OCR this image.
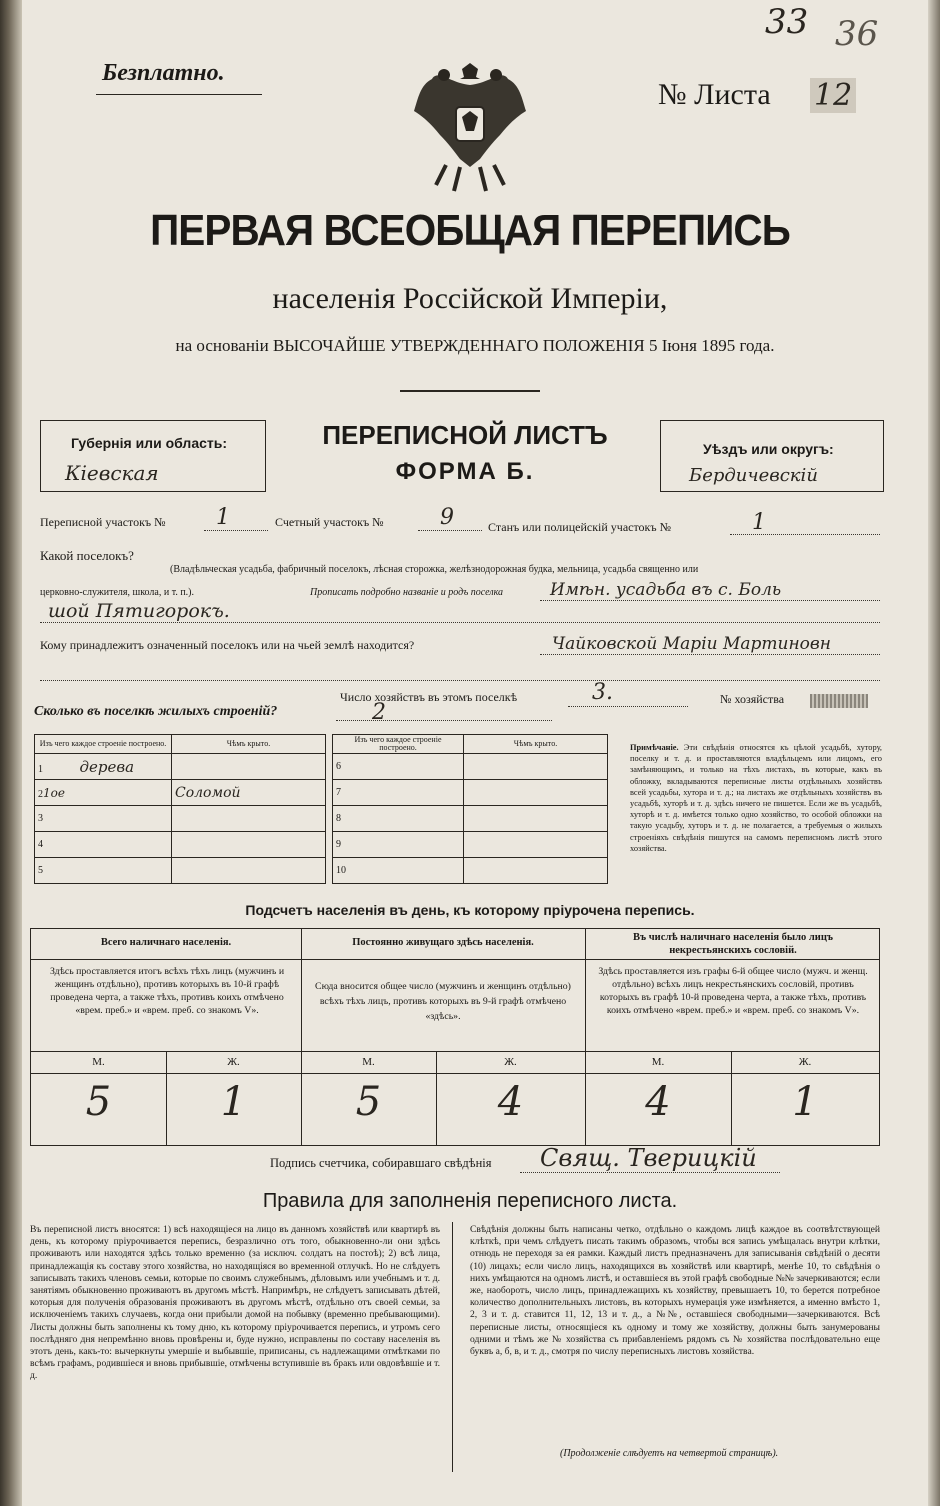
33 36
Безплатно.
№ Листа 12
ПЕРВАЯ ВСЕОБЩАЯ ПЕРЕПИСЬ
населенія Россійской Имперіи,
на основаніи ВЫСОЧАЙШЕ УТВЕРЖДЕННАГО ПОЛОЖЕНІЯ 5 Іюня 1895 года.
Губернія или область:
Кіевская
ПЕРЕПИСНОЙ ЛИСТЪ
ФОРМА Б.
Уѣздъ или округъ:
Бердичевскiй
Переписной участокъ № 1	Счетный участокъ №	9	Станъ или полицейскій участокъ №	1
Какой поселокъ?
(Владѣльческая усадьба, фабричный поселокъ, лѣсная сторожка, желѣзнодорожная будка, мельница, усадьба священно или
церковно-служителя, школа, и т. п.).	Прописать подробно названіе и родъ поселка	Имѣн. усадьба въ с. Боль
шой Пятигорокъ.
Кому принадлежитъ означенный поселокъ или на чьей землѣ находится?	Чайковской Маріи Мартиновн
Число хозяйствъ въ этомъ поселкѣ	3.	№ хозяйства
Сколько въ поселкѣ жилыхъ строеній?	2
Изъ чего каждое строеніе построено.	Чѣмъ крыто.
1 дерева	
21ое	Соломой
3	
4	
5	
Изъ чего каждое строеніе построено.	Чѣмъ крыто.
6	
7	
8	
9	
10	
Примѣчаніе. Эти свѣдѣнія относятся къ цѣлой усадьбѣ, хутору, поселку и т. д. и проставляются владѣльцемъ или лицомъ, его замѣняющимъ, и только на тѣхъ листахъ, въ которые, какъ въ обложку, вкладываются переписные листы отдѣльныхъ хозяйствъ всей усадьбы, хутора и т. д.; на листахъ же отдѣльныхъ хозяйствъ въ усадьбѣ, хуторѣ и т. д. здѣсь ничего не пишется. Если же въ усадьбѣ, хуторѣ и т. д. имѣется только одно хозяйство, то особой обложки на такую усадьбу, хуторъ и т. д. не полагается, а требуемыя о жилыхъ строеніяхъ свѣдѣнія пишутся на самомъ переписномъ листѣ этого хозяйства.
Подсчетъ населенія въ день, къ которому пріурочена перепись.
Всего наличнаго населенія.	Постоянно живущаго здѣсь населенія.	Въ числѣ наличнаго населенія было лицъ некрестьянскихъ сословій.
Здѣсь проставляется итогъ всѣхъ тѣхъ лицъ (мужчинъ и женщинъ отдѣльно), противъ которыхъ въ 10-й графѣ проведена черта, а также тѣхъ, противъ коихъ отмѣчено «врем. преб.» и «врем. преб. со знакомъ V».
Сюда вносится общее число (мужчинъ и женщинъ отдѣльно) всѣхъ тѣхъ лицъ, противъ которыхъ въ 9-й графѣ отмѣчено «здѣсь».
Здѣсь проставляется изъ графы 6-й общее число (мужч. и женщ. отдѣльно) всѣхъ лицъ некрестьянскихъ сословій, противъ которыхъ въ графѣ 10-й проведена черта, а также тѣхъ, противъ коихъ отмѣчено «врем. преб.» и «врем. преб. со знакомъ V».
М.	Ж.	М.	Ж.	М.	Ж.
5	1	5	4	4	1
Подпись счетчика, собиравшаго свѣдѣнія Свящ. Тверицкій
Правила для заполненія переписного листа.
Въ переписной листъ вносятся: 1) всѣ находящіеся на лицо въ данномъ хозяйствѣ или квартирѣ въ день, къ которому пріурочивается перепись, безразлично отъ того, обыкновенно-ли они здѣсь проживаютъ или находятся здѣсь только временно (за исключ. солдатъ на постоѣ); 2) всѣ лица, принадлежащія къ составу этого хозяйства, но находящіяся во временной отлучкѣ. Но не слѣдуетъ записывать такихъ членовъ семьи, которые по своимъ служебнымъ, дѣловымъ или учебнымъ и т. д. занятіямъ обыкновенно проживаютъ въ другомъ мѣстѣ. Напримѣръ, не слѣдуетъ записывать дѣтей, которыя для полученія образованія проживаютъ въ другомъ мѣстѣ, отдѣльно отъ своей семьи, за исключеніемъ такихъ случаевъ, когда они прибыли домой на побывку (временно пребывающими). Листы должны быть заполнены къ тому дню, къ которому пріурочивается перепись, и утромъ сего послѣдняго дня непремѣнно вновь провѣрены и, буде нужно, исправлены по составу населенія въ этотъ день, какъ-то: вычеркнуты умершіе и выбывшіе, приписаны, съ надлежащими отмѣтками по всѣмъ графамъ, родившіеся и вновь прибывшіе, отмѣчены вступившіе въ бракъ или овдовѣвшіе и т. д.
Свѣдѣнія должны быть написаны четко, отдѣльно о каждомъ лицѣ каждое въ соотвѣтствующей клѣткѣ, при чемъ слѣдуетъ писать такимъ образомъ, чтобы вся запись умѣщалась внутри клѣтки, отнюдь не переходя за ея рамки. Каждый листъ предназначенъ для записыванія свѣдѣній о десяти (10) лицахъ; если число лицъ, находящихся въ хозяйствѣ или квартирѣ, менѣе 10, то свѣдѣнія о нихъ умѣщаются на одномъ листѣ, и оставшіеся въ этой графѣ свободные №№ зачеркиваются; если же, наоборотъ, число лицъ, принадлежащихъ къ хозяйству, превышаетъ 10, то берется потребное количество дополнительныхъ листовъ, въ которыхъ нумерація уже измѣняется, а именно вмѣсто 1, 2, 3 и т. д. ставится 11, 12, 13 и т. д., а №№, оставшіеся свободными—зачеркиваются. Всѣ переписные листы, относящіеся къ одному и тому же хозяйству, должны быть занумерованы одними и тѣмъ же № хозяйства съ прибавленіемъ рядомъ съ № хозяйства послѣдовательно еще буквъ а, б, в, и т. д., смотря по числу переписныхъ листовъ хозяйства.
(Продолженіе слѣдуетъ на четвертой страницѣ).
